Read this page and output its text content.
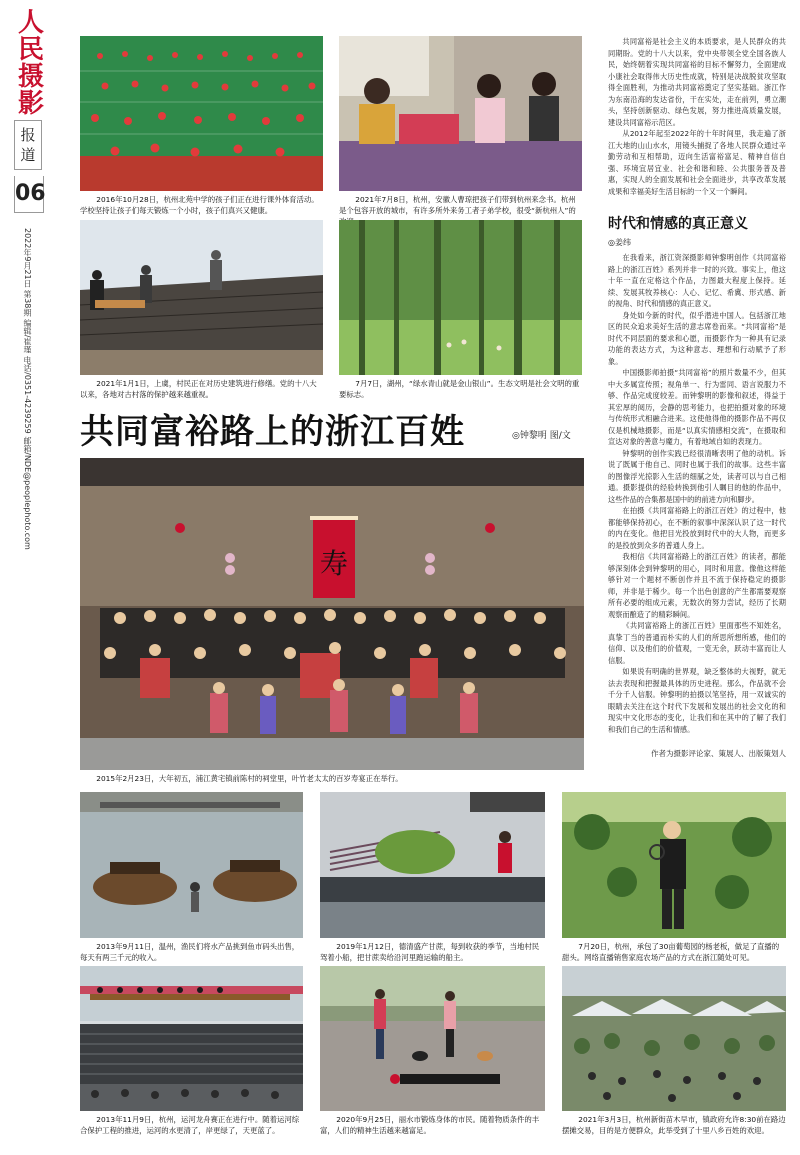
人民摄影
报道
06
2022年9月21日 第38期 编辑/崔瑾 电话/0351-4239259 邮箱/NDE@peoplephoto.com
2016年10月28日，杭州北苑中学的孩子们正在进行课外体育活动。学校坚持让孩子们每天锻炼一个小时，孩子们真兴又健康。
2021年7月8日，杭州，安徽人曹琼把孩子们带到杭州来念书。杭州是个包容开放的城市，有许多所外来务工者子弟学校，很受“新杭州人”的
2021年1月1日，上虞，村民正在对历史建筑进行修缮。党的十八大以来，各地对古村落的保护越来越重视。
7月7日，湖州，“绿水青山就是金山银山”。生态文明是社会文明的重要标志。

共同富裕是社会主义的本质要求，是人民群众的共同期盼。党的十八大以来，党中央带领全党全国各族人民，始终朝着实现共同富裕的目标不懈努力，全面建成小康社会取得伟大历史性成就，特别是决战脱贫攻坚取得全面胜利，为推动共同富裕奠定了坚实基础。浙江作为东南沿海的发达省份，干在实处，走在前列，勇立潮头，坚持创新驱动、绿色发展，努力推进高质量发展，建设共同富裕示范区。

从2012年起至2022年的十年时间里，我走遍了浙江大地的山山水水，用镜头捕捉了各地人民群众通过辛勤劳动和互相帮助，迈向生活富裕富足、精神自信自强、环境宜居宜业、社会和谐和睦、公共服务普及普惠，实现人的全面发展和社会全面进步，共享改革发展成果和幸福美好生活目标的一个又一个瞬间。

时代和情感的真正意义
◎姜纬

在我看来，浙江资深摄影师钟黎明创作《共同富裕路上的浙江百姓》系列并非一时的兴致。事实上，他这十年一直在定格这个作品，力图最大程度上保持。延续、发展其牧养核心：人心、记忆、希冀、形式感、新的视角、时代和情感的真正意义。

身处如今新的时代，似乎潜进中国人。包括浙江地区的民众追求美好生活的意志席卷而来。“共同富裕”是时代不同层面的要求和心愿，而摄影作为一种具有记录功能的表达方式，为这种意志、理想和行动赋予了形象。

中国摄影师拍摄“共同富裕”的照片数量不少，但其中大多属宣传照；视角单一、行为雷同、语言说服力不够、作品完成度较差。而钟黎明的影像和叙述，得益于其宏厚的阅历，会静的思考能力，也把拍摄对象的环境与传统形式相融合进来。这使他得他的摄影作品不再仅仅是机械地摄影，而是“以真实情感相交流”，在摄取和宣达对象的善意与魔力，有着地域自如的表现力。

钟黎明的创作实践已经很清晰表明了他的动机。诉说了既属于他自己、同时也属于我们的故事。这些丰富的图像浮光掠影入生活的细腻之处，读者可以与自己相通。摄影提供的经验转换到他引人瞩目的他的作品中，这些作品的合集都是国中的的前进方向和脚步。

在拍摄《共同富裕路上的浙江百姓》的过程中，他都能够保持初心，在不断的叙事中深深认识了这一时代的内在变化。他把目光投放到时代中的大人物，而更多的是投放到众多的普通人身上。

我相信《共同富裕路上的浙江百姓》的读者，都能够深刻体会到钟黎明的用心，同时和用意。像他这样能够针对一个题材不断创作并且不流于保持稳定的摄影师，并非是于稀少。每一个出色创意的产生都需要观察所有必要的组成元素，无数次的努力尝试，经历了长期观察而酿造了的精彩瞬间。

《共同富裕路上的浙江百姓》里面那些不知姓名，真挚丁当的普通而朴实的人们的所思所想所感，他们的信仰、以及他们的价值观，一览无余，跃动丰富而让人信服。

如果说有明确的世界观，缺乏整体的大视野，就无法去表现和把握最具体的历史进程。那么，作品就不会千分千人信服。钟黎明的拍摄以笔坚持，用一双诚实的眼睛去关注在这个时代下发展和发展出的社会文化的和现实中文化形态的变化，让我们和在其中的了解了我们和我们自己的生活和情感。

作者为摄影评论家、策展人、出版策划人
共同富裕路上的浙江百姓	◎钟黎明 图/文
寿
2015年2月23日，大年初五，浦江黄宅镇前陈村的祠堂里，叶竹老太太的百岁寿宴正在举行。
2013年9月11日，温州，渔民们将水产品挑到鱼市码头出售，每天有两三千元的收入。
2019年1月12日，德清盛产甘蔗，每到收获的季节，当地村民驾着小船，把甘蔗卖给沿河里跑运输的船主。
7月20日，杭州，承包了30亩葡萄园的杨老板，做足了直播的甜头。网络直播销售家庭农场产品的方式在浙江随处可见。
2013年11月9日，杭州，运河龙舟赛正在进行中。随着运河综合保护工程的推进，运河的水更清了，岸更绿了，天更蓝了。
2020年9月25日，丽水市锻炼身体的市民。随着物质条件的丰富，人们的精神生活越来越富足。
2021年3月3日，杭州新街苗木早市，镇政府允许8:30前在路边摆摊交易，目的是方便群众，此举受到了十里八乡百姓的欢迎。
